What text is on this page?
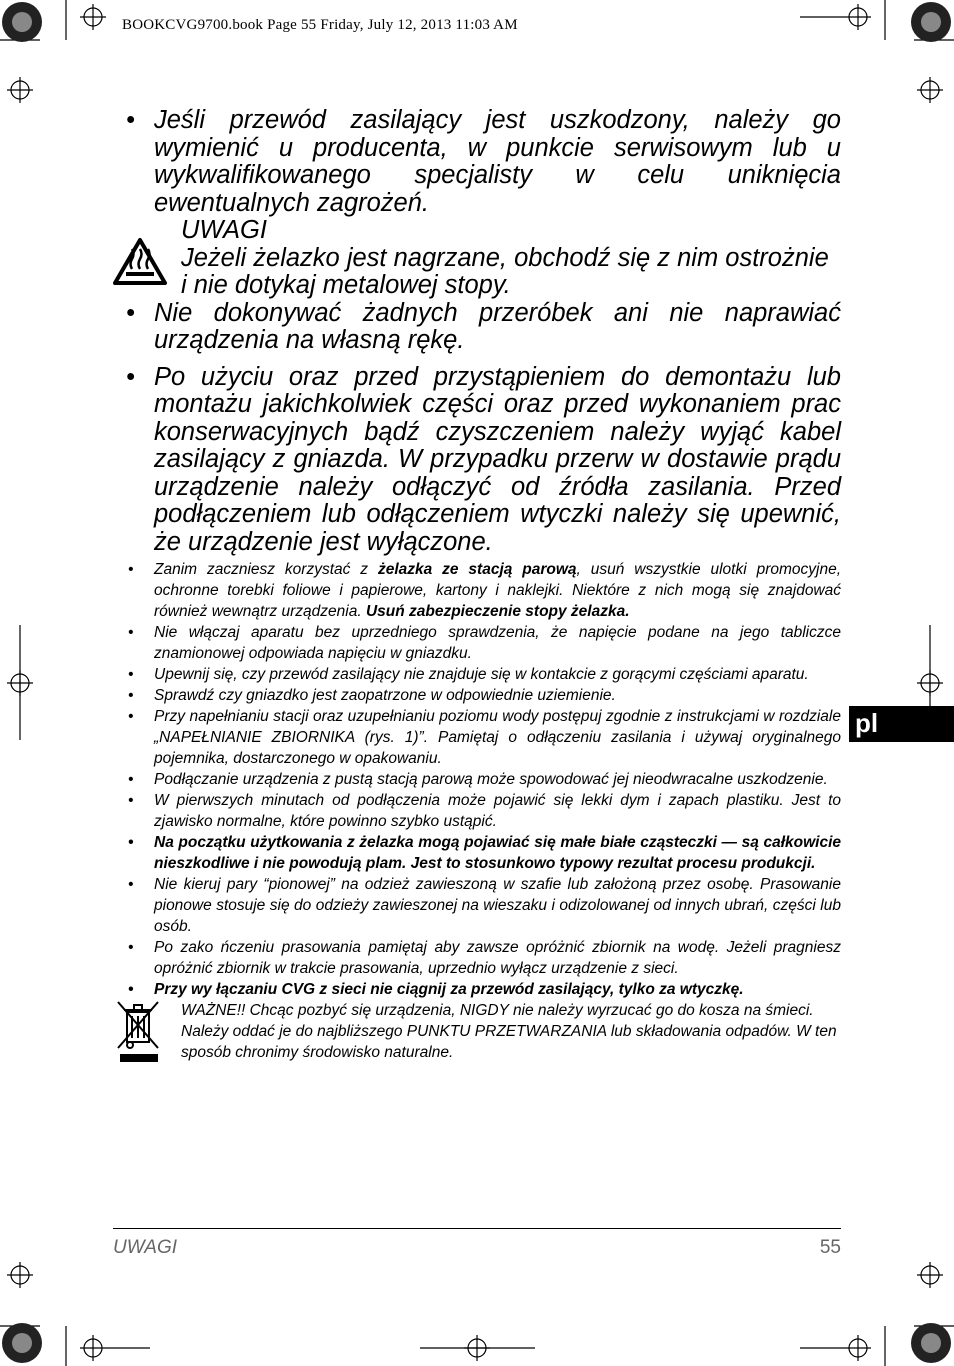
BOOKCVG9700.book Page 55 Friday, July 12, 2013 11:03 AM
pl

• Jeśli przewód zasilający jest uszkodzony, należy go wymienić u producenta, w punkcie serwisowym lub u wykwalifikowanego specjalisty w celu uniknięcia ewentualnych zagrożeń.

UWAGI
Jeżeli żelazko jest nagrzane, obchodź się z nim ostrożnie i nie dotykaj metalowej stopy.

• Nie dokonywać żadnych przeróbek ani nie naprawiać urządzenia na własną rękę.

• Po użyciu oraz przed przystąpieniem do demontażu lub montażu jakichkolwiek części oraz przed wykonaniem prac konserwacyjnych bądź czyszczeniem należy wyjąć kabel zasilający z gniazda. W przypadku przerw w dostawie prądu urządzenie należy odłączyć od źródła zasilania. Przed podłączeniem lub odłączeniem wtyczki należy się upewnić, że urządzenie jest wyłączone.

• Zanim zaczniesz korzystać z żelazka ze stacją parową, usuń wszystkie ulotki promocyjne, ochronne torebki foliowe i papierowe, kartony i naklejki. Niektóre z nich mogą się znajdować również wewnątrz urządzenia. Usuń zabezpieczenie stopy żelazka.

• Nie włączaj aparatu bez uprzedniego sprawdzenia, że napięcie podane na jego tabliczce znamionowej odpowiada napięciu w gniazdku.

• Upewnij się, czy przewód zasilający nie znajduje się w kontakcie z gorącymi częściami aparatu.

• Sprawdź czy gniazdko jest zaopatrzone w odpowiednie uziemienie.

• Przy napełnianiu stacji oraz uzupełnianiu poziomu wody postępuj zgodnie z instrukcjami w rozdziale „NAPEŁNIANIE ZBIORNIKA (rys. 1)”. Pamiętaj o odłączeniu zasilania i używaj oryginalnego pojemnika, dostarczonego w opakowaniu.

• Podłączanie urządzenia z pustą stacją parową może spowodować jej nieodwracalne uszkodzenie.

• W pierwszych minutach od podłączenia może pojawić się lekki dym i zapach plastiku. Jest to zjawisko normalne, które powinno szybko ustąpić.

• Na początku użytkowania z żelazka mogą pojawiać się małe białe cząsteczki — są całkowicie nieszkodliwe i nie powodują plam. Jest to stosunkowo typowy rezultat procesu produkcji.

• Nie kieruj pary “pionowej” na odzież zawieszoną w szafie lub założoną przez osobę. Prasowanie pionowe stosuje się do odzieży zawieszonej na wieszaku i odizolowanej od innych ubrań, części lub osób.

• Po zako ńczeniu prasowania pamiętaj aby zawsze opróżnić zbiornik na wodę. Jeżeli pragniesz opróżnić zbiornik w trakcie prasowania, uprzednio wyłącz urządzenie z sieci.

• Przy wy łączaniu CVG z sieci nie ciągnij za przewód zasilający, tylko za wtyczkę.

WAŻNE!! Chcąc pozbyć się urządzenia, NIGDY nie należy wyrzucać go do kosza na śmieci. Należy oddać je do najbliższego PUNKTU PRZETWARZANIA lub składowania odpadów. W ten sposób chronimy środowisko naturalne.
UWAGI	55
